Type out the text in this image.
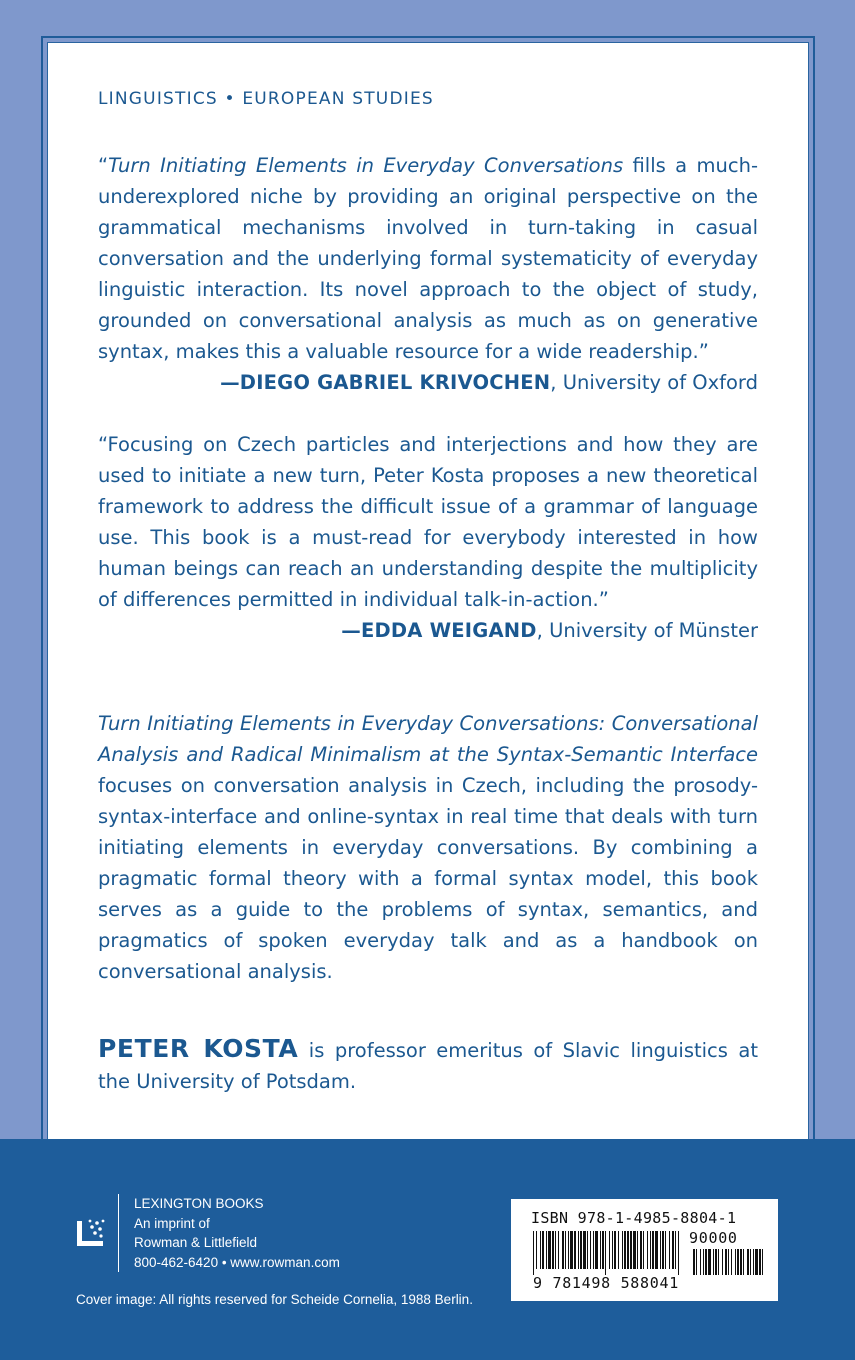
LINGUISTICS • EUROPEAN STUDIES

“Turn Initiating Elements in Everyday Conversations fills a much-underexplored niche by providing an original perspective on the grammatical mechanisms involved in turn-taking in casual conversation and the underlying formal systematicity of everyday linguistic interaction. Its novel approach to the object of study, grounded on conversational analysis as much as on generative syntax, makes this a valuable resource for a wide readership.”

—DIEGO GABRIEL KRIVOCHEN, University of Oxford

“Focusing on Czech particles and interjections and how they are used to initiate a new turn, Peter Kosta proposes a new theoretical framework to address the difficult issue of a grammar of language use. This book is a must-read for everybody interested in how human beings can reach an understanding despite the multiplicity of differences permitted in individual talk-in-action.”

—EDDA WEIGAND, University of Münster

Turn Initiating Elements in Everyday Conversations: Conversational Analysis and Radical Minimalism at the Syntax-Semantic Interface focuses on conversation analysis in Czech, including the prosody-syntax-interface and online-syntax in real time that deals with turn initiating elements in everyday conversations. By combining a pragmatic formal theory with a formal syntax model, this book serves as a guide to the problems of syntax, semantics, and pragmatics of spoken everyday talk and as a handbook on conversational analysis.

PETER KOSTA is professor emeritus of Slavic linguistics at the University of Potsdam.

LEXINGTON BOOKS
An imprint of
Rowman & Littlefield
800-462-6420 • www.rowman.com
Cover image: All rights reserved for Scheide Cornelia, 1988 Berlin.
ISBN 978-1-4985-8804-1
90000
9 781498 588041
